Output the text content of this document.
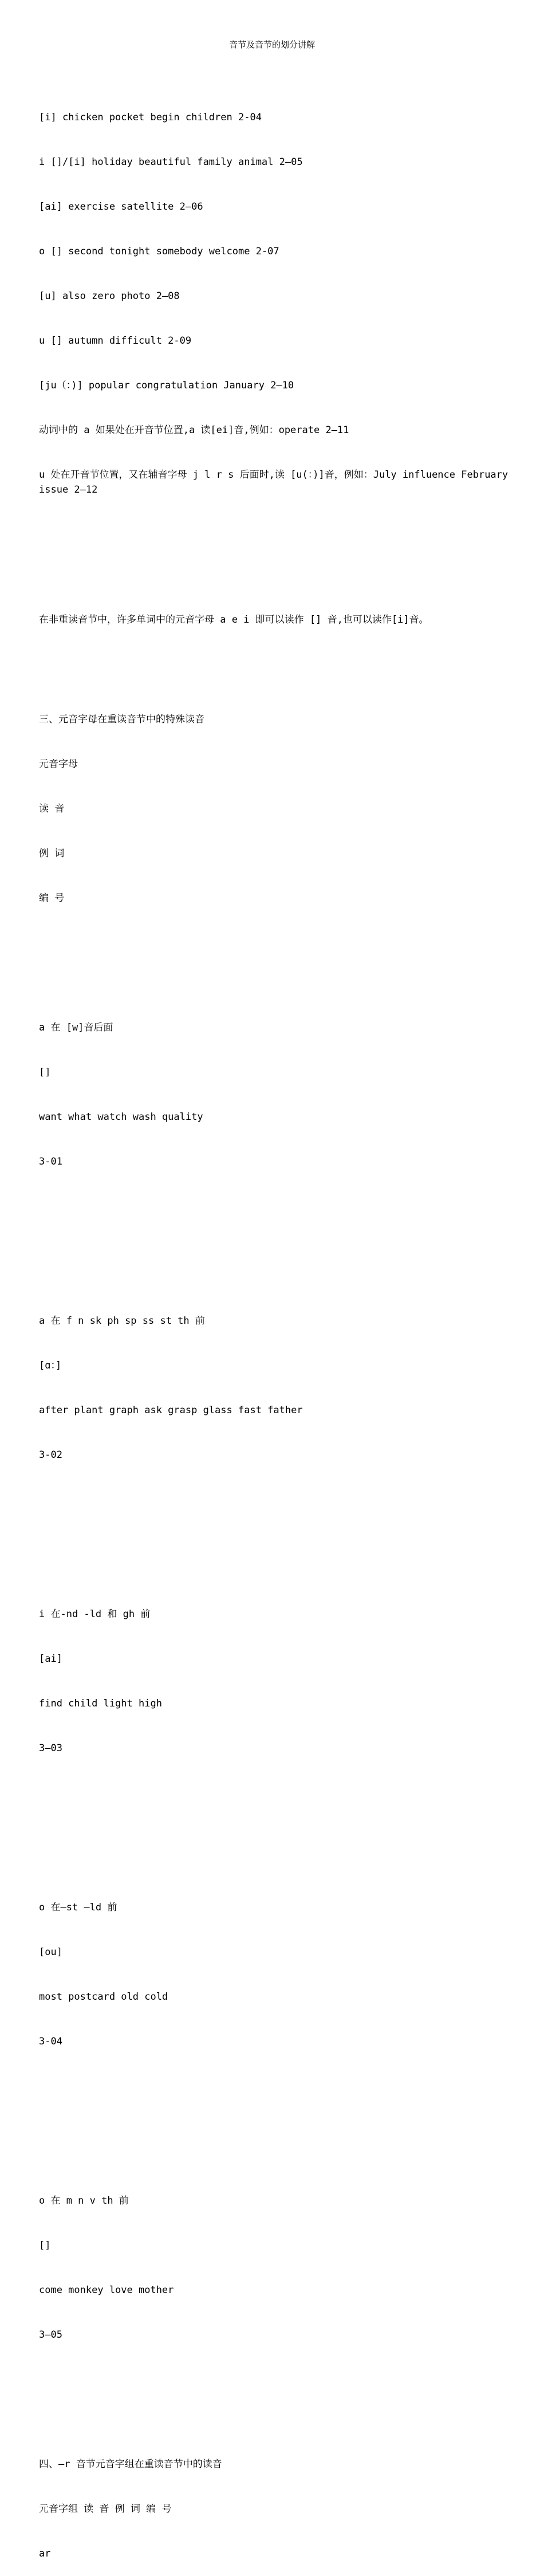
音节及音节的划分讲解

[i] chicken pocket begin children 2-04

i []/[i] holiday beautiful family animal 2—05

[ai] exercise satellite 2—06

o [] second tonight somebody welcome 2-07

[u] also zero photo 2—08

u [] autumn difficult 2-09

[ju（：)] popular congratulation January 2—10

动词中的 a 如果处在开音节位置,a 读[ei]音,例如：operate 2—11

u 处在开音节位置，又在辅音字母 j l r s 后面时,读 [u(：)]音，例如：July influence February issue 2—12

在非重读音节中，许多单词中的元音字母 a e i 即可以读作 [] 音,也可以读作[i]音。

三、元音字母在重读音节中的特殊读音

元音字母

读 音

例 词

编 号

a 在 [w]音后面

[]

want what watch wash quality

3-01

a 在 f n sk ph sp ss st th 前

[ɑ：]

after plant graph ask grasp glass fast father

3-02

i 在-nd -ld 和 gh 前

[ai]

find child light high

3—03

o 在—st —ld 前

[ou]

most postcard old cold

3-04

o 在 m n v th 前

[]

come monkey love mother

3—05

四、—r 音节元音字组在重读音节中的读音

元音字组 读 音 例 词 编 号

ar
